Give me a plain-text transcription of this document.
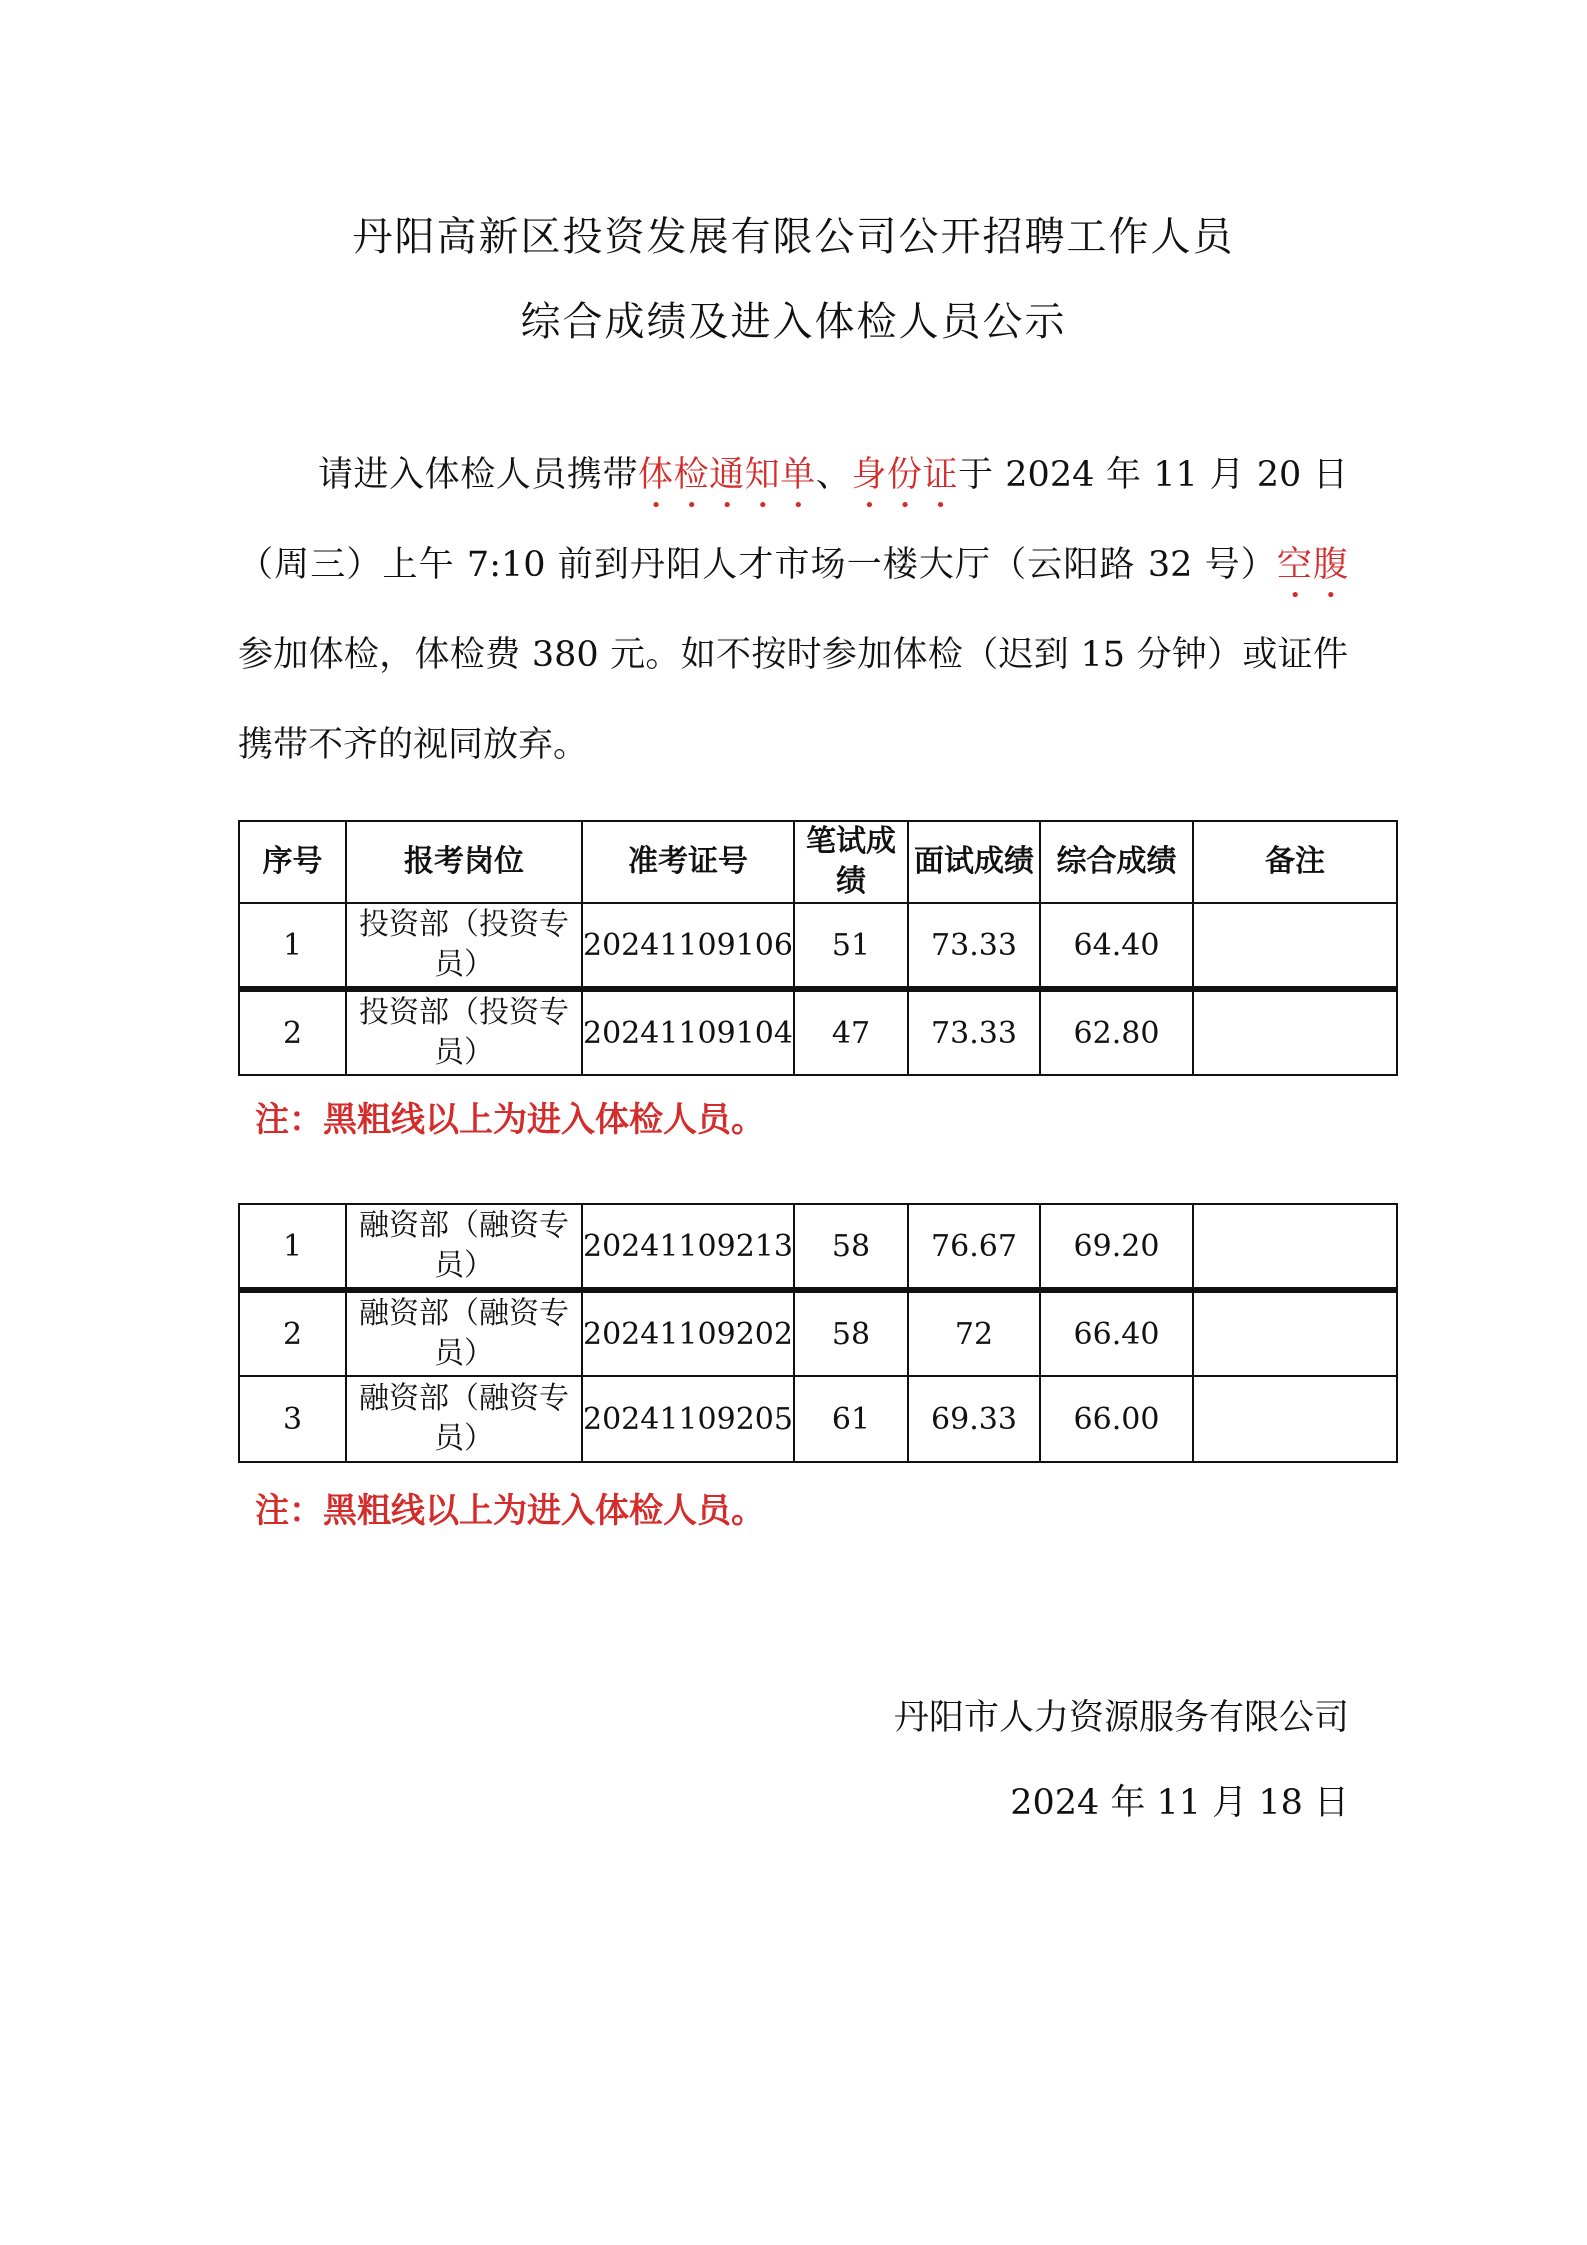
丹阳高新区投资发展有限公司公开招聘工作人员
综合成绩及进入体检人员公示
请进入体检人员携带体检通知单、身份证于 2024 年 11 月 20 日（周三）上午 7:10 前到丹阳人才市场一楼大厅（云阳路 32 号）空腹参加体检，体检费 380 元。如不按时参加体检（迟到 15 分钟）或证件携带不齐的视同放弃。
序号	报考岗位	准考证号	笔试成绩	面试成绩	综合成绩	备注
1	投资部（投资专员）	20241109106	51	73.33	64.40	
2	投资部（投资专员）	20241109104	47	73.33	62.80	
注：黑粗线以上为进入体检人员。
1	融资部（融资专员）	20241109213	58	76.67	69.20	
2	融资部（融资专员）	20241109202	58	72	66.40	
3	融资部（融资专员）	20241109205	61	69.33	66.00	
注：黑粗线以上为进入体检人员。
丹阳市人力资源服务有限公司
2024 年 11 月 18 日
